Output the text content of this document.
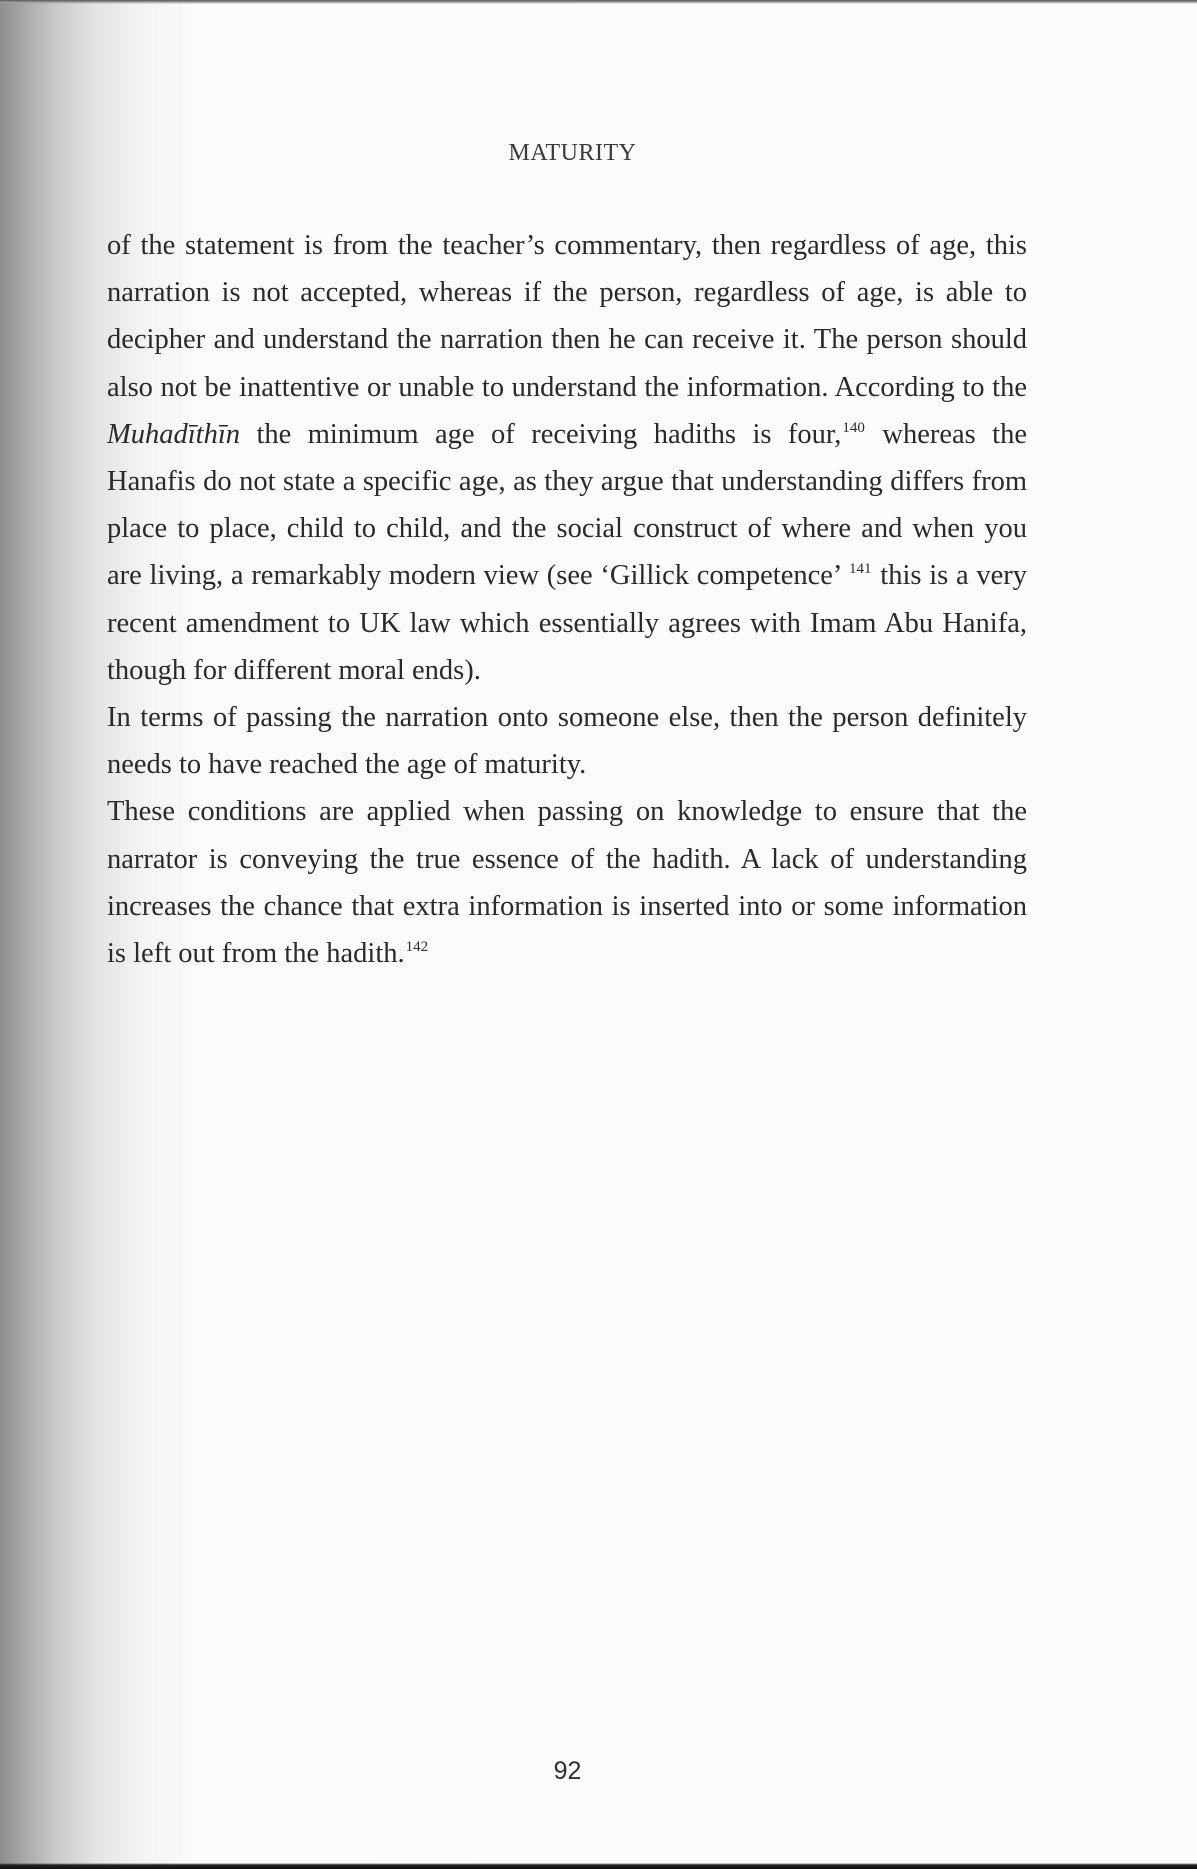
MATURITY

of the statement is from the teacher’s commentary, then regardless of age, this narration is not accepted, whereas if the person, regardless of age, is able to decipher and understand the narration then he can receive it. The person should also not be inattentive or unable to understand the information. According to the Muhadīthīn the minimum age of receiving hadiths is four,$^{140}$ whereas the Hanafis do not state a specific age, as they argue that understanding differs from place to place, child to child, and the social construct of where and when you are living, a remarkably modern view (see ‘Gillick competence’ $^{141}$ this is a very recent amendment to UK law which essentially agrees with Imam Abu Hanifa, though for different moral ends).

In terms of passing the narration onto someone else, then the person definitely needs to have reached the age of maturity.

These conditions are applied when passing on knowledge to ensure that the narrator is conveying the true essence of the hadith. A lack of understanding increases the chance that extra information is inserted into or some information is left out from the hadith.$^{142}$

92
